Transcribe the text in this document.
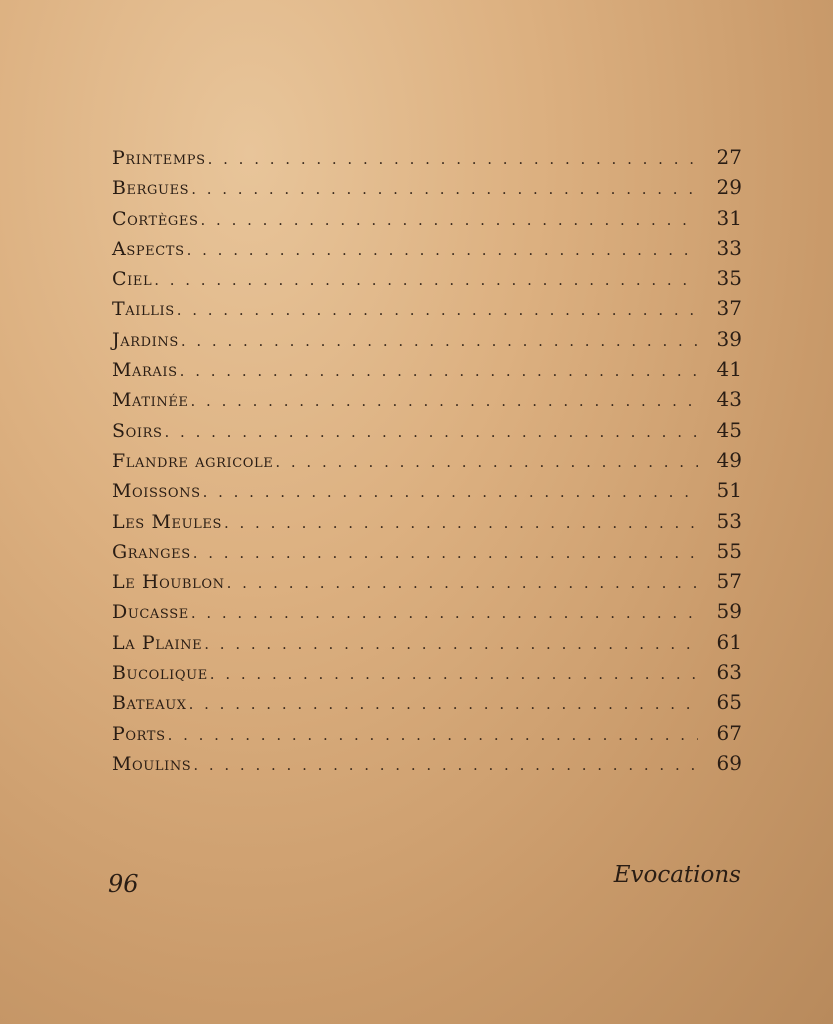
Printemps . . .	27
Bergues . . .	29
Cortèges . . .	31
Aspects . . .	33
Ciel . . .	35
Taillis . . .	37
Jardins . . .	39
Marais . . .	41
Matinée . . .	43
Soirs . . .	45
Flandre agricole . . .	49
Moissons . . .	51
Les Meules . . .	53
Granges . . .	55
Le Houblon . . .	57
Ducasse . . .	59
La Plaine . . .	61
Bucolique . . .	63
Bateaux . . .	65
Ports . . .	67
Moulins . . .	69
96	Evocations
